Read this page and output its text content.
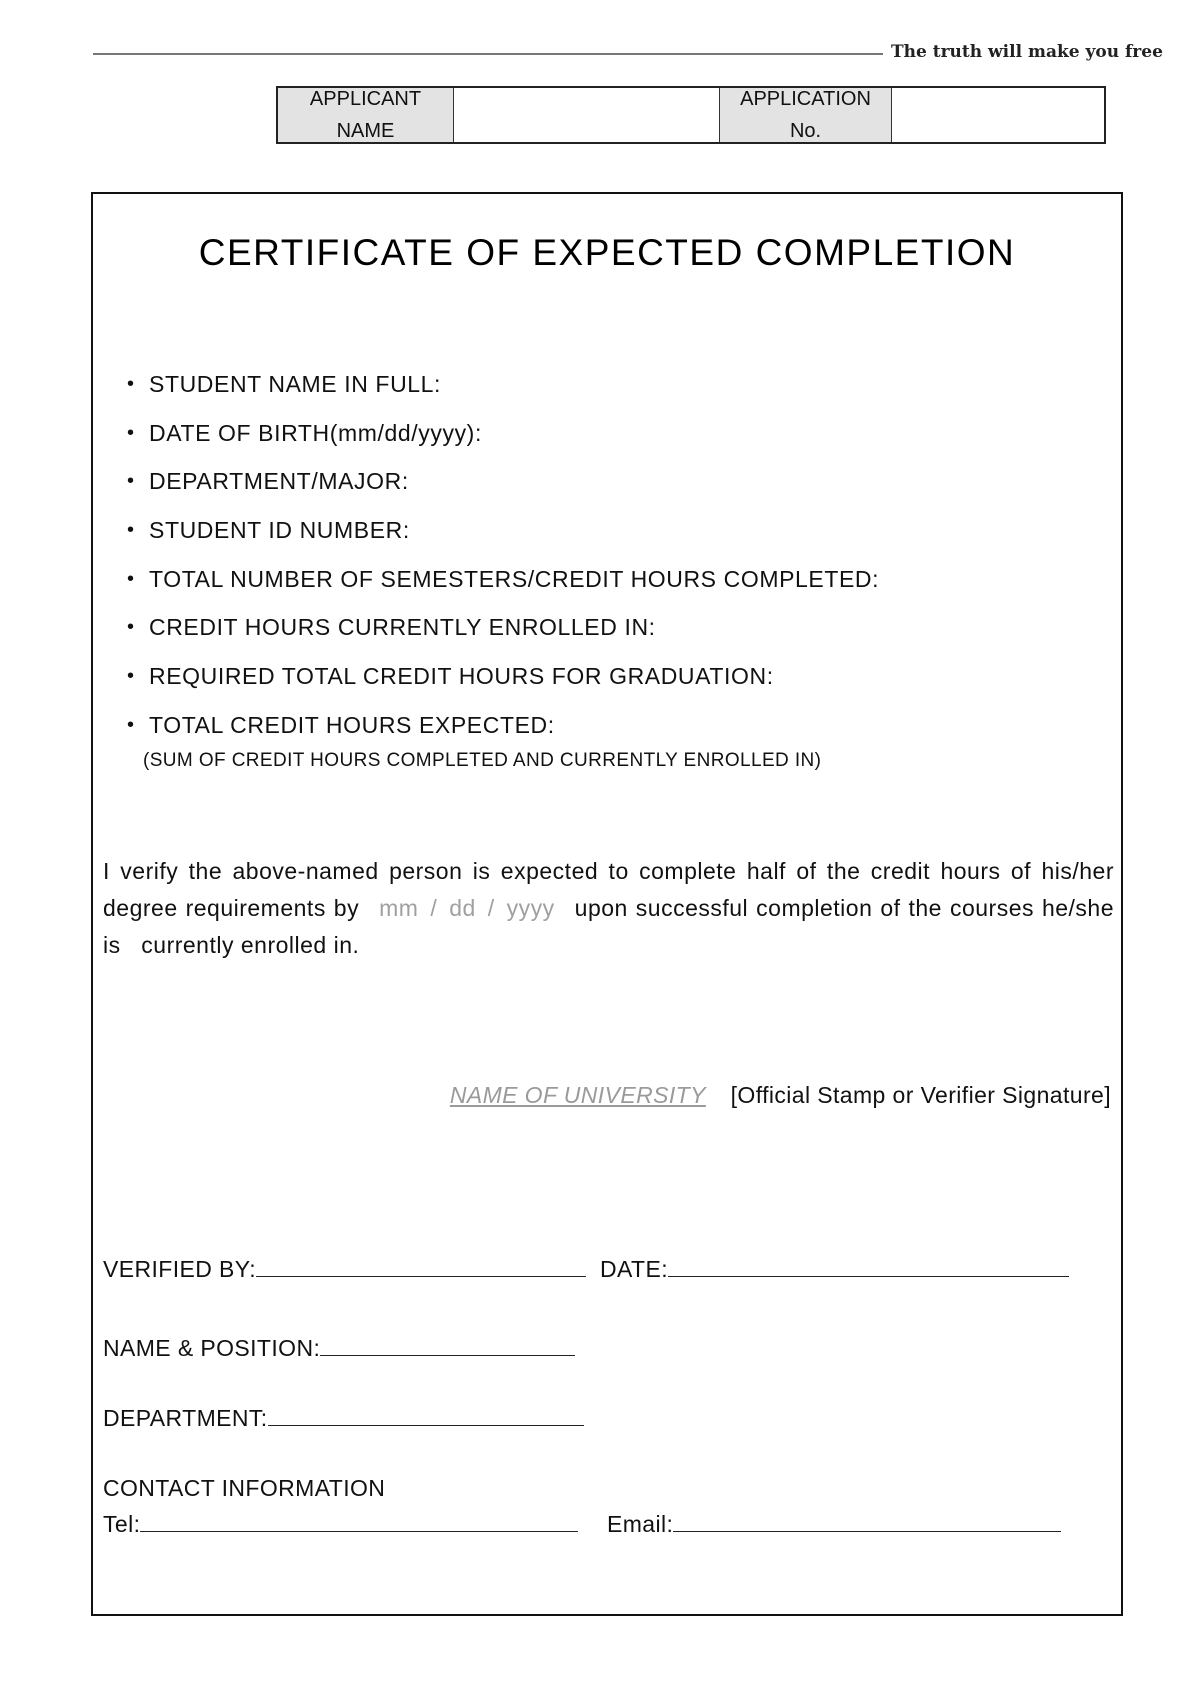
The truth will make you free
APPLICANT
NAME
APPLICATION
No.
CERTIFICATE OF EXPECTED COMPLETION
• STUDENT NAME IN FULL:
• DATE OF BIRTH(mm/dd/yyyy):
• DEPARTMENT/MAJOR:
• STUDENT ID NUMBER:
• TOTAL NUMBER OF SEMESTERS/CREDIT HOURS COMPLETED:
• CREDIT HOURS CURRENTLY ENROLLED IN:
• REQUIRED TOTAL CREDIT HOURS FOR GRADUATION:
• TOTAL CREDIT HOURS EXPECTED:
(SUM OF CREDIT HOURS COMPLETED AND CURRENTLY ENROLLED IN)
I verify the above-named person is expected to complete half of the credit hours of his/her degree requirements by mm / dd / yyyy upon successful completion of the courses he/she is   currently enrolled in.
NAME OF UNIVERSITY [Official Stamp or Verifier Signature]
VERIFIED BY:	DATE:
NAME & POSITION:
DEPARTMENT:
CONTACT INFORMATION
Tel:	Email:
